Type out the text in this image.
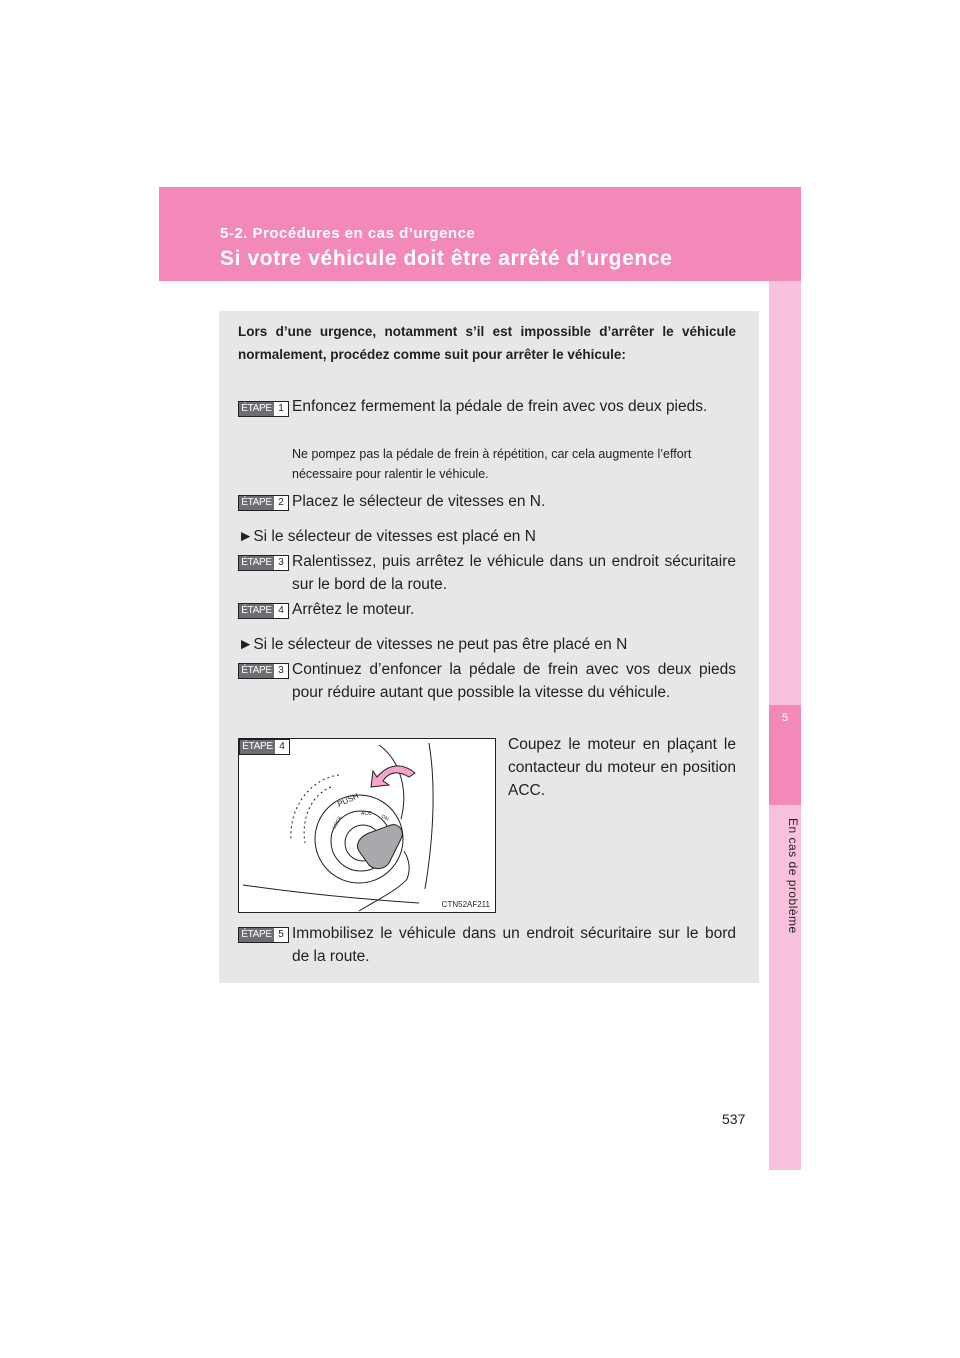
5-2. Procédures en cas d’urgence
Si votre véhicule doit être arrêté d’urgence
5
En cas de problème
Lors d’une urgence, notamment s’il est impossible d’arrêter le véhicule normalement, procédez comme suit pour arrêter le véhicule:
ÉTAPE 1 Enfoncez fermement la pédale de frein avec vos deux pieds.
Ne pompez pas la pédale de frein à répétition, car cela augmente l’effort nécessaire pour ralentir le véhicule.
ÉTAPE 2 Placez le sélecteur de vitesses en N.
►Si le sélecteur de vitesses est placé en N
ÉTAPE 3 Ralentissez, puis arrêtez le véhicule dans un endroit sécuritaire sur le bord de la route.
ÉTAPE 4 Arrêtez le moteur.
►Si le sélecteur de vitesses ne peut pas être placé en N
ÉTAPE 3 Continuez d’enfoncer la pédale de frein avec vos deux pieds pour réduire autant que possible la vitesse du véhicule.
ÉTAPE 4
PUSH
ACC
LOCK	ON
CTN52AF211
Coupez le moteur en plaçant le contacteur du moteur en position ACC.
ÉTAPE 5 Immobilisez le véhicule dans un endroit sécuritaire sur le bord de la route.
537
